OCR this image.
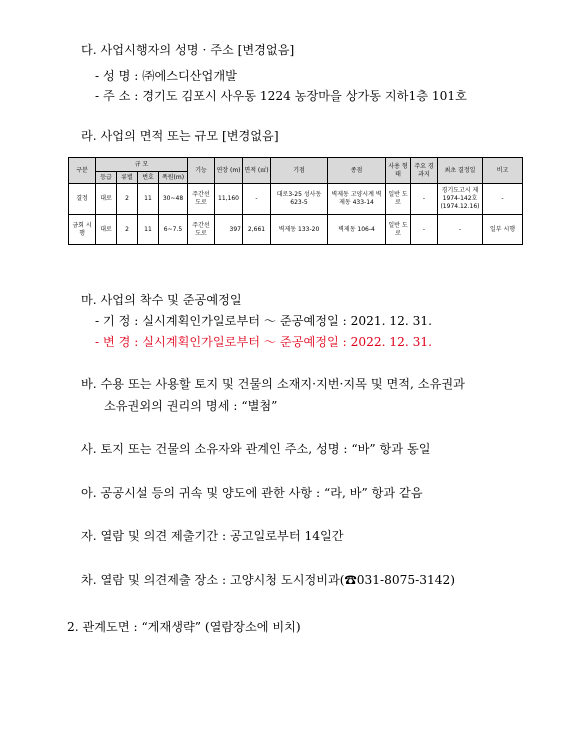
다. 사업시행자의 성명 · 주소 [변경없음]
- 성 명 : ㈜에스디산업개발
- 주 소 : 경기도 김포시 사우동 1224 농장마을 상가동 지하1층 101호
라. 사업의 면적 또는 규모 [변경없음]
구분	규 모				기능	연장 (m)	면적 (㎡)	기점	종점	사용 형태	주요 경과지	최초 결정일	비고
	등급	류별	번호	폭원(m)									
결정	대로	2	11	30~48	주간선 도로	11,160	-	대로3-25 성사동 623-5	벽제동 고양시계 벽제동 433-14	일반 도로	-	경기도고시 제1974-142호 (1974.12.16)	-
금회 시행	대로	2	11	6~7.5	주간선 도로	397	2,661	벽제동 133-20	벽제동 106-4	일반 도로	-	-	일부 시행
마. 사업의 착수 및 준공예정일
- 기 정 : 실시계획인가일로부터 ～ 준공예정일 : 2021. 12. 31.
- 변 경 : 실시계획인가일로부터 ～ 준공예정일 : 2022. 12. 31.
바. 수용 또는 사용할 토지 및 건물의 소재지·지번·지목 및 면적, 소유권과
소유권외의 권리의 명세 : “별첨”
사. 토지 또는 건물의 소유자와 관계인 주소, 성명 : “바” 항과 동일
아. 공공시설 등의 귀속 및 양도에 관한 사항 : “라, 바” 항과 같음
자. 열람 및 의견 제출기간 : 공고일로부터 14일간
차. 열람 및 의견제출 장소 : 고양시청 도시정비과(☎031-8075-3142)
2. 관계도면 : “게재생략” (열람장소에 비치)
